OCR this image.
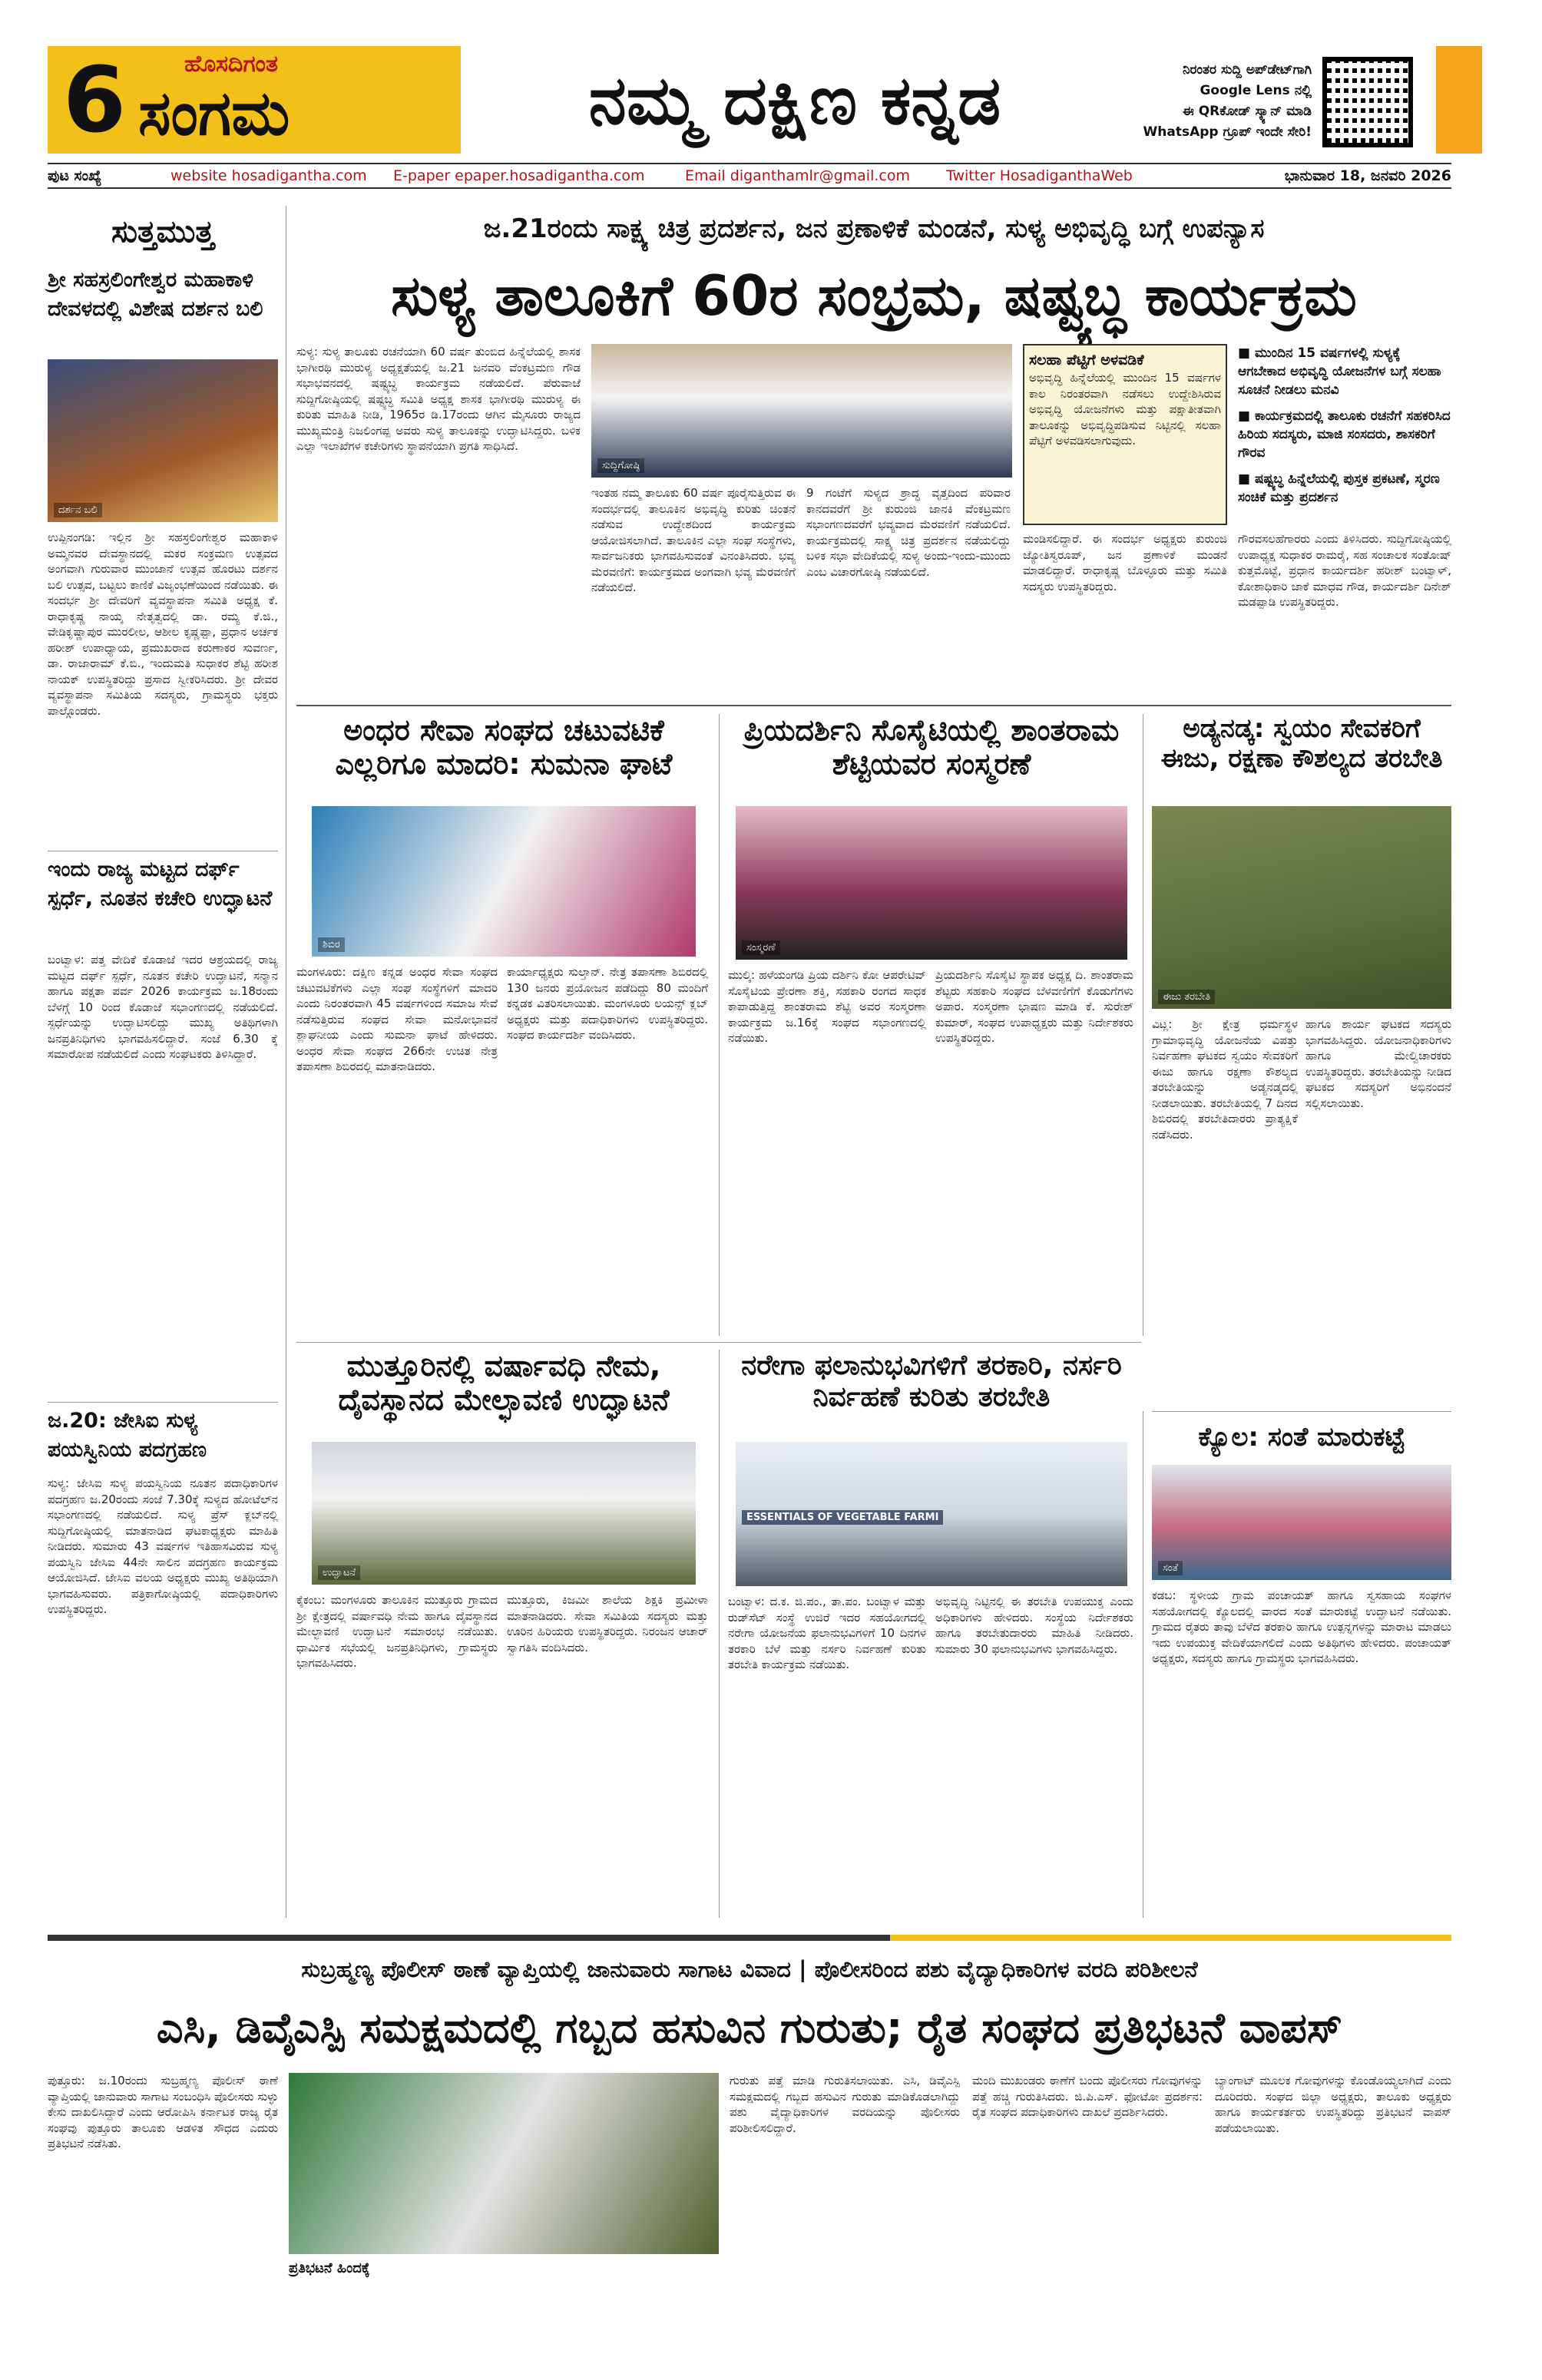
6	ಹೊಸದಿಗಂತ
ಸಂಗಮ	ನಮ್ಮ ದಕ್ಷಿಣ ಕನ್ನಡ	ನಿರಂತರ ಸುದ್ದಿ ಅಪ್‌ಡೇಟ್‌ಗಾಗಿ
Google Lens ನಲ್ಲಿ
ಈ QRಕೋಡ್ ಸ್ಕ್ಯಾನ್ ಮಾಡಿ
WhatsApp ಗ್ರೂಪ್ ಇಂದೇ ಸೇರಿ!
ಪುಟ ಸಂಖ್ಯೆ	website hosadigantha.com	E-paper epaper.hosadigantha.com	Email diganthamlr@gmail.com	Twitter HosadiganthaWeb	ಭಾನುವಾರ 18, ಜನವರಿ 2026
ಸುತ್ತಮುತ್ತ
ಶ್ರೀ ಸಹಸ್ರಲಿಂಗೇಶ್ವರ ಮಹಾಕಾಳಿ ದೇವಳದಲ್ಲಿ ವಿಶೇಷ ದರ್ಶನ ಬಲಿ
ದರ್ಶನ ಬಲಿ
ಉಪ್ಪಿನಂಗಡಿ: ಇಲ್ಲಿನ ಶ್ರೀ ಸಹಸ್ರಲಿಂಗೇಶ್ವರ ಮಹಾಕಾಳಿ ಅಮ್ಮನವರ ದೇವಸ್ಥಾನದಲ್ಲಿ ಮಕರ ಸಂಕ್ರಮಣ ಉತ್ಸವದ ಅಂಗವಾಗಿ ಗುರುವಾರ ಮುಂಜಾನೆ ಉತ್ಸವ ಹೊರಟು ದರ್ಶನ ಬಲಿ ಉತ್ಸವ, ಬಟ್ಟಲು ಕಾಣಿಕೆ ವಿಜೃಂಭಣೆಯಿಂದ ನಡೆಯಿತು. ಈ ಸಂದರ್ಭ ಶ್ರೀ ದೇವರಿಗೆ ವ್ಯವಸ್ಥಾಪನಾ ಸಮಿತಿ ಅಧ್ಯಕ್ಷ ಕೆ. ರಾಧಾಕೃಷ್ಣ ನಾಯ್ಕ ನೇತೃತ್ವದಲ್ಲಿ ಡಾ. ರಮ್ಯ ಕೆ.ಜಿ., ವೇಡಿಕೃಷ್ಣಾಪುರ ಮುರಲೀಲ, ಆಶೀಲ ಕೃಷ್ಣಪ್ಪಾ, ಪ್ರಧಾನ ಅರ್ಚಕ ಹರೀಶ್ ಉಪಾಧ್ಯಾಯ, ಪ್ರಮುಖರಾದ ಕರುಣಾಕರ ಸುವರ್ಣ, ಡಾ. ರಾಜಾರಾಮ್ ಕೆ.ಬಿ., ಇಂದುಮತಿ ಸುಧಾಕರ ಶೆಟ್ಟಿ ಹರೀಶ ನಾಯಕ್ ಉಪಸ್ಥಿತರಿದ್ದು ಪ್ರಸಾದ ಸ್ವೀಕರಿಸಿದರು. ಶ್ರೀ ದೇವರ ವ್ಯವಸ್ಥಾಪನಾ ಸಮಿತಿಯ ಸದಸ್ಯರು, ಗ್ರಾಮಸ್ಥರು ಭಕ್ತರು ಪಾಲ್ಗೊಂಡರು.
ಇಂದು ರಾಜ್ಯ ಮಟ್ಟದ ದರ್ಫ್ ಸ್ಪರ್ಧೆ, ನೂತನ ಕಚೇರಿ ಉದ್ಘಾಟನೆ
ಬಂಟ್ವಾಳ: ಪತ್ತ ವೇದಿಕೆ ಕೊಡಾಜೆ ಇದರ ಆಶ್ರಯದಲ್ಲಿ ರಾಜ್ಯ ಮಟ್ಟದ ದರ್ಫ್ ಸ್ಪರ್ಧೆ, ನೂತನ ಕಚೇರಿ ಉದ್ಘಾಟನೆ, ಸನ್ಮಾನ ಹಾಗೂ ಪಕ್ಷತಾ ಪರ್ವ 2026 ಕಾರ್ಯಕ್ರಮ ಜ.18ರಂದು ಬೆಳಗ್ಗೆ 10 ರಿಂದ ಕೊಡಾಜೆ ಸಭಾಂಗಣದಲ್ಲಿ ನಡೆಯಲಿದೆ. ಸ್ಪರ್ಧೆಯನ್ನು ಉದ್ಘಾಟಿಸಲಿದ್ದು ಮುಖ್ಯ ಅತಿಥಿಗಳಾಗಿ ಜನಪ್ರತಿನಿಧಿಗಳು ಭಾಗವಹಿಸಲಿದ್ದಾರೆ. ಸಂಜೆ 6.30 ಕ್ಕೆ ಸಮಾರೋಪ ನಡೆಯಲಿದೆ ಎಂದು ಸಂಘಟಕರು ತಿಳಿಸಿದ್ದಾರೆ.
ಜ.20: ಜೇಸಿಐ ಸುಳ್ಯ ಪಯಸ್ವಿನಿಯ ಪದಗ್ರಹಣ
ಸುಳ್ಯ: ಜೇಸಿಐ ಸುಳ್ಯ ಪಯಸ್ವಿನಿಯ ನೂತನ ಪದಾಧಿಕಾರಿಗಳ ಪದಗ್ರಹಣ ಜ.20ರಂದು ಸಂಜೆ 7.30ಕ್ಕೆ ಸುಳ್ಯದ ಹೋಟೆಲ್‌ನ ಸಭಾಂಗಣದಲ್ಲಿ ನಡೆಯಲಿದೆ. ಸುಳ್ಯ ಪ್ರೆಸ್ ಕ್ಲಬ್‌ನಲ್ಲಿ ಸುದ್ದಿಗೋಷ್ಠಿಯಲ್ಲಿ ಮಾತನಾಡಿದ ಘಟಕಾಧ್ಯಕ್ಷರು ಮಾಹಿತಿ ನೀಡಿದರು. ಸುಮಾರು 43 ವರ್ಷಗಳ ಇತಿಹಾಸವಿರುವ ಸುಳ್ಯ ಪಯಸ್ವಿನಿ ಜೇಸಿಐ 44ನೇ ಸಾಲಿನ ಪದಗ್ರಹಣ ಕಾರ್ಯಕ್ರಮ ಆಯೋಜಿಸಿದೆ. ಜೇಸಿಐ ವಲಯ ಅಧ್ಯಕ್ಷರು ಮುಖ್ಯ ಅತಿಥಿಯಾಗಿ ಭಾಗವಹಿಸುವರು. ಪತ್ರಿಕಾಗೋಷ್ಠಿಯಲ್ಲಿ ಪದಾಧಿಕಾರಿಗಳು ಉಪಸ್ಥಿತರಿದ್ದರು.
ಜ.21ರಂದು ಸಾಕ್ಷ್ಯ ಚಿತ್ರ ಪ್ರದರ್ಶನ, ಜನ ಪ್ರಣಾಳಿಕೆ ಮಂಡನೆ, ಸುಳ್ಯ ಅಭಿವೃದ್ಧಿ ಬಗ್ಗೆ ಉಪನ್ಯಾಸ
ಸುಳ್ಯ ತಾಲೂಕಿಗೆ 60ರ ಸಂಭ್ರಮ, ಷಷ್ಟ್ಯಬ್ಧ ಕಾರ್ಯಕ್ರಮ
ಸುಳ್ಯ: ಸುಳ್ಯ ತಾಲೂಕು ರಚನೆಯಾಗಿ 60 ವರ್ಷ ತುಂಬಿದ ಹಿನ್ನೆಲೆಯಲ್ಲಿ ಶಾಸಕ ಭಾಗೀರಥಿ ಮುರುಳ್ಯ ಅಧ್ಯಕ್ಷತೆಯಲ್ಲಿ ಜ.21 ಜನವರಿ ವೆಂಕಟ್ರಮಣ ಗೌಡ ಸಭಾಭವನದಲ್ಲಿ ಷಷ್ಟ್ಯಬ್ಧ ಕಾರ್ಯಕ್ರಮ ನಡೆಯಲಿದೆ. ಪೆರುವಾಜೆ ಸುದ್ದಿಗೋಷ್ಠಿಯಲ್ಲಿ ಷಷ್ಟ್ಯಬ್ಧ ಸಮಿತಿ ಅಧ್ಯಕ್ಷ ಶಾಸಕ ಭಾಗೀರಥಿ ಮುರುಳ್ಯ ಈ ಕುರಿತು ಮಾಹಿತಿ ನೀಡಿ, 1965ರ ಡಿ.17ರಂದು ಆಗಿನ ಮೈಸೂರು ರಾಜ್ಯದ ಮುಖ್ಯಮಂತ್ರಿ ನಿಜಲಿಂಗಪ್ಪ ಅವರು ಸುಳ್ಯ ತಾಲೂಕನ್ನು ಉದ್ಘಾಟಿಸಿದ್ದರು. ಬಳಿಕ ಎಲ್ಲಾ ಇಲಾಖೆಗಳ ಕಚೇರಿಗಳು ಸ್ಥಾಪನೆಯಾಗಿ ಪ್ರಗತಿ ಸಾಧಿಸಿದೆ.
ಸುದ್ದಿಗೋಷ್ಠಿ
ಇಂತಹ ನಮ್ಮ ತಾಲೂಕು 60 ವರ್ಷ ಪೂರೈಸುತ್ತಿರುವ ಈ ಸಂದರ್ಭದಲ್ಲಿ ತಾಲೂಕಿನ ಅಭಿವೃದ್ಧಿ ಕುರಿತು ಚಿಂತನೆ ನಡೆಸುವ ಉದ್ದೇಶದಿಂದ ಕಾರ್ಯಕ್ರಮ ಆಯೋಜಿಸಲಾಗಿದೆ. ತಾಲೂಕಿನ ಎಲ್ಲಾ ಸಂಘ ಸಂಸ್ಥೆಗಳು, ಸಾರ್ವಜನಿಕರು ಭಾಗವಹಿಸುವಂತೆ ವಿನಂತಿಸಿದರು. ಭವ್ಯ ಮೆರವಣಿಗೆ: ಕಾರ್ಯಕ್ರಮದ ಅಂಗವಾಗಿ ಭವ್ಯ ಮೆರವಣಿಗೆ ನಡೆಯಲಿದೆ.
9 ಗಂಟೆಗೆ ಸುಳ್ಯದ ಶ್ರಾದ್ಧ ವೃತ್ತದಿಂದ ಪರಿವಾರ ಕಾನದವರೆಗೆ ಶ್ರೀ ಕುರುಂಜಿ ಜಾನಕಿ ವೆಂಕಟ್ರಮಣ ಸಭಾಂಗಣದವರೆಗೆ ಭವ್ಯವಾದ ಮೆರವಣಿಗೆ ನಡೆಯಲಿದೆ. ಕಾರ್ಯಕ್ರಮದಲ್ಲಿ ಸಾಕ್ಷ್ಯ ಚಿತ್ರ ಪ್ರದರ್ಶನ ನಡೆಯಲಿದ್ದು ಬಳಿಕ ಸಭಾ ವೇದಿಕೆಯಲ್ಲಿ ಸುಳ್ಯ ಅಂದು-ಇಂದು-ಮುಂದು ಎಂಬ ವಿಚಾರಗೋಷ್ಠಿ ನಡೆಯಲಿದೆ.
ಸಲಹಾ ಪೆಟ್ಟಿಗೆ ಅಳವಡಿಕೆ
ಅಭಿವೃದ್ಧಿ ಹಿನ್ನೆಲೆಯಲ್ಲಿ ಮುಂದಿನ 15 ವರ್ಷಗಳ ಕಾಲ ನಿರಂತರವಾಗಿ ನಡೆಸಲು ಉದ್ದೇಶಿಸಿರುವ ಅಭಿವೃದ್ಧಿ ಯೋಜನೆಗಳು ಮತ್ತು ಪಕ್ಷಾತೀತವಾಗಿ ತಾಲೂಕನ್ನು ಅಭಿವೃದ್ಧಿಪಡಿಸುವ ನಿಟ್ಟಿನಲ್ಲಿ ಸಲಹಾ ಪೆಟ್ಟಿಗೆ ಅಳವಡಿಸಲಾಗುವುದು.
ಮಂಡಿಸಲಿದ್ದಾರೆ. ಈ ಸಂದರ್ಭ ಅಧ್ಯಕ್ಷರು ಕುರುಂಜಿ ಜ್ಯೋತಿಸ್ವರೂಪ್, ಜನ ಪ್ರಣಾಳಿಕೆ ಮಂಡನೆ ಮಾಡಲಿದ್ದಾರೆ. ರಾಧಾಕೃಷ್ಣ ಬೊಳ್ಳೂರು ಮತ್ತು ಸಮಿತಿ ಸದಸ್ಯರು ಉಪಸ್ಥಿತರಿದ್ದರು.
■ ಮುಂದಿನ 15 ವರ್ಷಗಳಲ್ಲಿ ಸುಳ್ಯಕ್ಕೆ ಆಗಬೇಕಾದ ಅಭಿವೃದ್ಧಿ ಯೋಜನೆಗಳ ಬಗ್ಗೆ ಸಲಹಾ ಸೂಚನೆ ನೀಡಲು ಮನವಿ
■ ಕಾರ್ಯಕ್ರಮದಲ್ಲಿ ತಾಲೂಕು ರಚನೆಗೆ ಸಹಕರಿಸಿದ ಹಿರಿಯ ಸದಸ್ಯರು, ಮಾಜಿ ಸಂಸದರು, ಶಾಸಕರಿಗೆ ಗೌರವ
■ ಷಷ್ಟ್ಯಬ್ಧ ಹಿನ್ನೆಲೆಯಲ್ಲಿ ಪುಸ್ತಕ ಪ್ರಕಟಣೆ, ಸ್ಮರಣ ಸಂಚಿಕೆ ಮತ್ತು ಪ್ರದರ್ಶನ
ಗೌರವಸಲಹೆಗಾರರು ಎಂದು ತಿಳಿಸಿದರು. ಸುದ್ದಿಗೋಷ್ಠಿಯಲ್ಲಿ ಉಪಾಧ್ಯಕ್ಷ ಸುಧಾಕರ ರಾಮರೈ, ಸಹ ಸಂಚಾಲಕ ಸಂತೋಷ್ ಕುತ್ತಮೊಟ್ಟೆ, ಪ್ರಧಾನ ಕಾರ್ಯದರ್ಶಿ ಹರೀಶ್ ಬಂಟ್ವಾಳ್, ಕೋಶಾಧಿಕಾರಿ ಜಾಕೆ ಮಾಧವ ಗೌಡ, ಕಾರ್ಯದರ್ಶಿ ದಿನೇಶ್ ಮಡಪ್ಪಾಡಿ ಉಪಸ್ಥಿತರಿದ್ದರು.
ಅಂಧರ ಸೇವಾ ಸಂಘದ ಚಟುವಟಿಕೆ ಎಲ್ಲರಿಗೂ ಮಾದರಿ: ಸುಮನಾ ಘಾಟೆ
ಶಿಬಿರ
ಮಂಗಳೂರು: ದಕ್ಷಿಣ ಕನ್ನಡ ಅಂಧರ ಸೇವಾ ಸಂಘದ ಚಟುವಟಿಕೆಗಳು ಎಲ್ಲಾ ಸಂಘ ಸಂಸ್ಥೆಗಳಿಗೆ ಮಾದರಿ ಎಂದು ನಿರಂತರವಾಗಿ 45 ವರ್ಷಗಳಿಂದ ಸಮಾಜ ಸೇವೆ ನಡೆಸುತ್ತಿರುವ ಸಂಘದ ಸೇವಾ ಮನೋಭಾವನೆ ಶ್ಲಾಘನೀಯ ಎಂದು ಸುಮನಾ ಘಾಟೆ ಹೇಳಿದರು. ಅಂಧರ ಸೇವಾ ಸಂಘದ 266ನೇ ಉಚಿತ ನೇತ್ರ ತಪಾಸಣಾ ಶಿಬಿರದಲ್ಲಿ ಮಾತನಾಡಿದರು.
ಕಾರ್ಯಾಧ್ಯಕ್ಷರು ಸುಲ್ತಾನ್. ನೇತ್ರ ತಪಾಸಣಾ ಶಿಬಿರದಲ್ಲಿ 130 ಜನರು ಪ್ರಯೋಜನ ಪಡೆದಿದ್ದು 80 ಮಂದಿಗೆ ಕನ್ನಡಕ ವಿತರಿಸಲಾಯಿತು. ಮಂಗಳೂರು ಲಯನ್ಸ್ ಕ್ಲಬ್ ಅಧ್ಯಕ್ಷರು ಮತ್ತು ಪದಾಧಿಕಾರಿಗಳು ಉಪಸ್ಥಿತರಿದ್ದರು. ಸಂಘದ ಕಾರ್ಯದರ್ಶಿ ವಂದಿಸಿದರು.
ಪ್ರಿಯದರ್ಶಿನಿ ಸೊಸೈಟಿಯಲ್ಲಿ ಶಾಂತರಾಮ ಶೆಟ್ಟಿಯವರ ಸಂಸ್ಮರಣೆ
ಸಂಸ್ಮರಣೆ
ಮುಲ್ಕಿ: ಹಳೆಯಂಗಡಿ ಪ್ರಿಯ ದರ್ಶಿನಿ ಕೋ ಆಪರೇಟಿವ್ ಸೊಸೈಟಿಯ ಪ್ರೇರಣಾ ಶಕ್ತಿ, ಸಹಕಾರಿ ರಂಗದ ಸಾಧಕ ಕಾಪಾಡುತ್ತಿದ್ದ ಶಾಂತರಾಮ ಶೆಟ್ಟಿ ಅವರ ಸಂಸ್ಮರಣಾ ಕಾರ್ಯಕ್ರಮ ಜ.16ಕ್ಕೆ ಸಂಘದ ಸಭಾಂಗಣದಲ್ಲಿ ನಡೆಯಿತು.
ಪ್ರಿಯದರ್ಶಿನಿ ಸೊಸೈಟಿ ಸ್ಥಾಪಕ ಅಧ್ಯಕ್ಷ ದಿ. ಶಾಂತರಾಮ ಶೆಟ್ಟರು ಸಹಕಾರಿ ಸಂಘದ ಬೆಳವಣಿಗೆಗೆ ಕೊಡುಗೆಗಳು ಅಪಾರ. ಸಂಸ್ಮರಣಾ ಭಾಷಣ ಮಾಡಿ ಕೆ. ಸುರೇಶ್ ಕುಮಾರ್, ಸಂಘದ ಉಪಾಧ್ಯಕ್ಷರು ಮತ್ತು ನಿರ್ದೇಶಕರು ಉಪಸ್ಥಿತರಿದ್ದರು.
ಅಡ್ಯನಡ್ಕ: ಸ್ವಯಂ ಸೇವಕರಿಗೆ ಈಜು, ರಕ್ಷಣಾ ಕೌಶಲ್ಯದ ತರಬೇತಿ
ಈಜು ತರಬೇತಿ
ವಿಟ್ಲ: ಶ್ರೀ ಕ್ಷೇತ್ರ ಧರ್ಮಸ್ಥಳ ಗ್ರಾಮಾಭಿವೃದ್ಧಿ ಯೋಜನೆಯ ವಿಪತ್ತು ನಿರ್ವಹಣಾ ಘಟಕದ ಸ್ವಯಂ ಸೇವಕರಿಗೆ ಈಜು ಹಾಗೂ ರಕ್ಷಣಾ ಕೌಶಲ್ಯದ ತರಬೇತಿಯನ್ನು ಅಡ್ಯನಡ್ಕದಲ್ಲಿ ನೀಡಲಾಯಿತು. ತರಬೇತಿಯಲ್ಲಿ 7 ದಿನದ ಶಿಬಿರದಲ್ಲಿ ತರಬೇತಿದಾರರು ಪ್ರಾತ್ಯಕ್ಷಿಕೆ ನಡೆಸಿದರು.
ಹಾಗೂ ಶಾರ್ಯ ಘಟಕದ ಸದಸ್ಯರು ಭಾಗವಹಿಸಿದ್ದರು. ಯೋಜನಾಧಿಕಾರಿಗಳು ಹಾಗೂ ಮೇಲ್ವಿಚಾರಕರು ಉಪಸ್ಥಿತರಿದ್ದರು. ತರಬೇತಿಯನ್ನು ನೀಡಿದ ಘಟಕದ ಸದಸ್ಯರಿಗೆ ಅಭಿನಂದನೆ ಸಲ್ಲಿಸಲಾಯಿತು.
ಮುತ್ತೂರಿನಲ್ಲಿ ವರ್ಷಾವಧಿ ನೇಮ, ದೈವಸ್ಥಾನದ ಮೇಲ್ಛಾವಣಿ ಉದ್ಘಾಟನೆ
ಉದ್ಘಾಟನೆ
ಕೈಕಂಬ: ಮಂಗಳೂರು ತಾಲೂಕಿನ ಮುತ್ತೂರು ಗ್ರಾಮದ ಶ್ರೀ ಕ್ಷೇತ್ರದಲ್ಲಿ ವರ್ಷಾವಧಿ ನೇಮ ಹಾಗೂ ದೈವಸ್ಥಾನದ ಮೇಲ್ಛಾವಣಿ ಉದ್ಘಾಟನೆ ಸಮಾರಂಭ ನಡೆಯಿತು. ಧಾರ್ಮಿಕ ಸಭೆಯಲ್ಲಿ ಜನಪ್ರತಿನಿಧಿಗಳು, ಗ್ರಾಮಸ್ಥರು ಭಾಗವಹಿಸಿದರು.
ಮುತ್ತೂರು, ಕಿಜಮೀ ಶಾಲೆಯ ಶಿಕ್ಷಕಿ ಪ್ರಮೀಳಾ ಮಾತನಾಡಿದರು. ಸೇವಾ ಸಮಿತಿಯ ಸದಸ್ಯರು ಮತ್ತು ಊರಿನ ಹಿರಿಯರು ಉಪಸ್ಥಿತರಿದ್ದರು. ನಿರಂಜನ ಆಚಾರ್ ಸ್ವಾಗತಿಸಿ ವಂದಿಸಿದರು.
ನರೇಗಾ ಫಲಾನುಭವಿಗಳಿಗೆ ತರಕಾರಿ, ನರ್ಸರಿ ನಿರ್ವಹಣೆ ಕುರಿತು ತರಬೇತಿ
ESSENTIALS OF VEGETABLE FARMI
ಬಂಟ್ವಾಳ: ದ.ಕ. ಜಿ.ಪಂ., ತಾ.ಪಂ. ಬಂಟ್ವಾಳ ಮತ್ತು ರುಡ್‌ಸೆಟ್ ಸಂಸ್ಥೆ ಉಜಿರೆ ಇದರ ಸಹಯೋಗದಲ್ಲಿ ನರೇಗಾ ಯೋಜನೆಯ ಫಲಾನುಭವಿಗಳಿಗೆ 10 ದಿನಗಳ ತರಕಾರಿ ಬೆಳೆ ಮತ್ತು ನರ್ಸರಿ ನಿರ್ವಹಣೆ ಕುರಿತು ತರಬೇತಿ ಕಾರ್ಯಕ್ರಮ ನಡೆಯಿತು.
ಅಭಿವೃದ್ಧಿ ನಿಟ್ಟಿನಲ್ಲಿ ಈ ತರಬೇತಿ ಉಪಯುಕ್ತ ಎಂದು ಅಧಿಕಾರಿಗಳು ಹೇಳಿದರು. ಸಂಸ್ಥೆಯ ನಿರ್ದೇಶಕರು ಹಾಗೂ ತರಬೇತುದಾರರು ಮಾಹಿತಿ ನೀಡಿದರು. ಸುಮಾರು 30 ಫಲಾನುಭವಿಗಳು ಭಾಗವಹಿಸಿದ್ದರು.
ಕ್ಯೊಲ: ಸಂತೆ ಮಾರುಕಟ್ಟೆ
ಸಂತೆ
ಕಡಬ: ಸ್ಥಳೀಯ ಗ್ರಾಮ ಪಂಚಾಯತ್ ಹಾಗೂ ಸ್ವಸಹಾಯ ಸಂಘಗಳ ಸಹಯೋಗದಲ್ಲಿ ಕ್ಯೊಲದಲ್ಲಿ ವಾರದ ಸಂತೆ ಮಾರುಕಟ್ಟೆ ಉದ್ಘಾಟನೆ ನಡೆಯಿತು. ಗ್ರಾಮದ ರೈತರು ತಾವು ಬೆಳೆದ ತರಕಾರಿ ಹಾಗೂ ಉತ್ಪನ್ನಗಳನ್ನು ಮಾರಾಟ ಮಾಡಲು ಇದು ಉಪಯುಕ್ತ ವೇದಿಕೆಯಾಗಲಿದೆ ಎಂದು ಅತಿಥಿಗಳು ಹೇಳಿದರು. ಪಂಚಾಯತ್ ಅಧ್ಯಕ್ಷರು, ಸದಸ್ಯರು ಹಾಗೂ ಗ್ರಾಮಸ್ಥರು ಭಾಗವಹಿಸಿದರು.
ಸುಬ್ರಹ್ಮಣ್ಯ ಪೊಲೀಸ್ ಠಾಣೆ ವ್ಯಾಪ್ತಿಯಲ್ಲಿ ಜಾನುವಾರು ಸಾಗಾಟ ವಿವಾದ | ಪೊಲೀಸರಿಂದ ಪಶು ವೈದ್ಯಾಧಿಕಾರಿಗಳ ವರದಿ ಪರಿಶೀಲನೆ
ಎಸಿ, ಡಿವೈಎಸ್ಪಿ ಸಮಕ್ಷಮದಲ್ಲಿ ಗಬ್ಬದ ಹಸುವಿನ ಗುರುತು; ರೈತ ಸಂಘದ ಪ್ರತಿಭಟನೆ ವಾಪಸ್
ಪುತ್ತೂರು: ಜ.10ರಂದು ಸುಬ್ರಹ್ಮಣ್ಯ ಪೊಲೀಸ್ ಠಾಣೆ ವ್ಯಾಪ್ತಿಯಲ್ಲಿ ಜಾನುವಾರು ಸಾಗಾಟ ಸಂಬಂಧಿಸಿ ಪೊಲೀಸರು ಸುಳ್ಳು ಕೇಸು ದಾಖಲಿಸಿದ್ದಾರೆ ಎಂದು ಆರೋಪಿಸಿ ಕರ್ನಾಟಕ ರಾಜ್ಯ ರೈತ ಸಂಘವು ಪುತ್ತೂರು ತಾಲೂಕು ಆಡಳಿತ ಸೌಧದ ಎದುರು ಪ್ರತಿಭಟನೆ ನಡೆಸಿತು.
ಪ್ರತಿಭಟನೆ ಹಿಂದಕ್ಕೆ
ಗುರುತು ಪತ್ತೆ ಮಾಡಿ ಗುರುತಿಸಲಾಯಿತು. ಎಸಿ, ಡಿವೈಎಸ್ಪಿ ಸಮಕ್ಷಮದಲ್ಲಿ ಗಬ್ಬದ ಹಸುವಿನ ಗುರುತು ಮಾಡಿಕೊಡಲಾಗಿದ್ದು ಪಶು ವೈದ್ಯಾಧಿಕಾರಿಗಳ ವರದಿಯನ್ನು ಪೊಲೀಸರು ಪರಿಶೀಲಿಸಲಿದ್ದಾರೆ.
ಮಂದಿ ಮುಖಂಡರು ಠಾಣೆಗೆ ಬಂದು ಪೊಲೀಸರು ಗೋವುಗಳನ್ನು ಪತ್ತೆ ಹಚ್ಚಿ ಗುರುತಿಸಿದರು. ಜಿ.ಪಿ.ಎಸ್. ಫೋಟೋ ಪ್ರದರ್ಶನ: ರೈತ ಸಂಘದ ಪದಾಧಿಕಾರಿಗಳು ದಾಖಲೆ ಪ್ರದರ್ಶಿಸಿದರು.
ಬ್ಯಾಂಗಾಟ್ ಮೂಲಕ ಗೋವುಗಳನ್ನು ಕೊಂಡೊಯ್ಯಲಾಗಿದೆ ಎಂದು ದೂರಿದರು. ಸಂಘದ ಜಿಲ್ಲಾ ಅಧ್ಯಕ್ಷರು, ತಾಲೂಕು ಅಧ್ಯಕ್ಷರು ಹಾಗೂ ಕಾರ್ಯಕರ್ತರು ಉಪಸ್ಥಿತರಿದ್ದು ಪ್ರತಿಭಟನೆ ವಾಪಸ್ ಪಡೆಯಲಾಯಿತು.
